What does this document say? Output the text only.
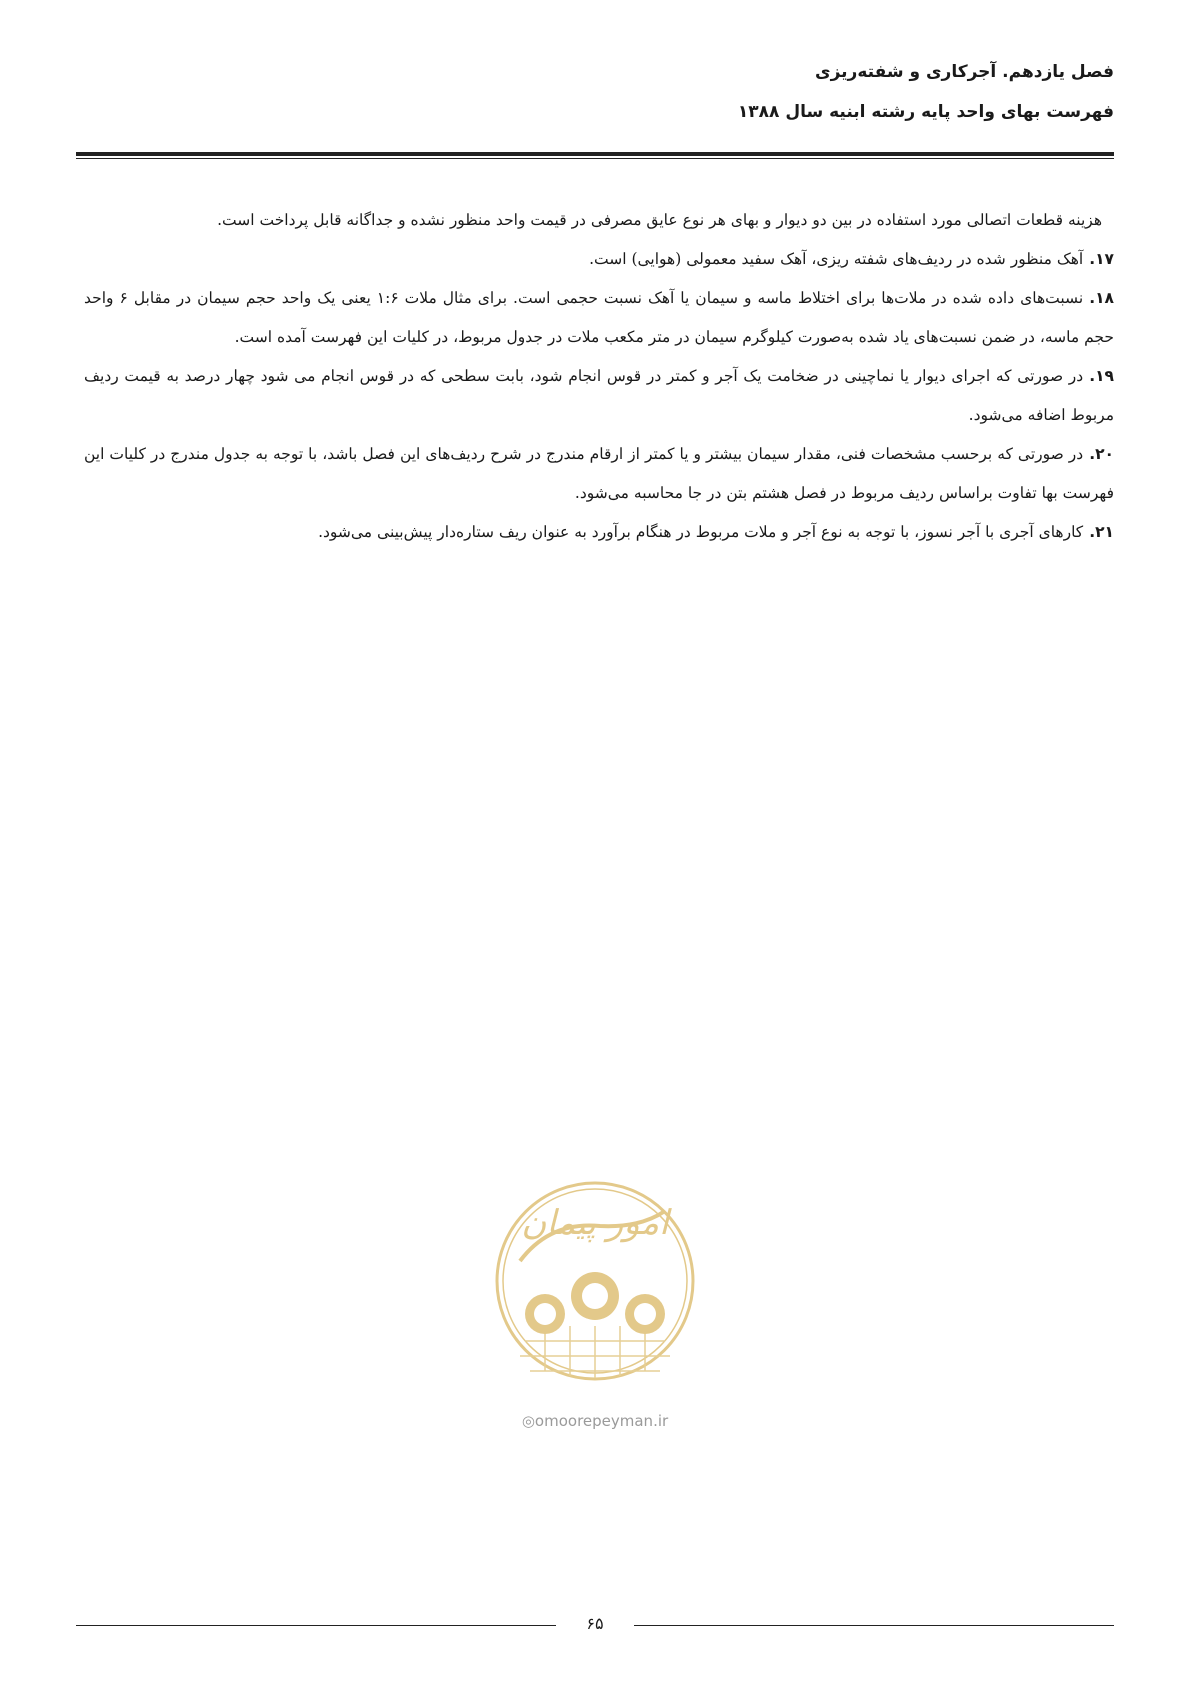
فصل یازدهم. آجرکاری و شفته‌ریزی
فهرست بهای واحد پایه رشته ابنیه سال ۱۳۸۸

هزینه قطعات اتصالی مورد استفاده در بین دو دیوار و بهای هر نوع عایق مصرفی در قیمت واحد منظور نشده و جداگانه قابل پرداخت است.

۱۷.آهک منظور شده در ردیف‌های شفته ریزی، آهک سفید معمولی (هوایی) است.

۱۸.نسبت‌های داده شده در ملات‌ها برای اختلاط ماسه و سیمان یا آهک نسبت حجمی است. برای مثال ملات ۱:۶ یعنی یک واحد حجم سیمان در مقابل ۶ واحد حجم ماسه، در ضمن نسبت‌های یاد شده به‌صورت کیلوگرم سیمان در متر مکعب ملات در جدول مربوط، در کلیات این فهرست آمده است.

۱۹.در صورتی که اجرای دیوار یا نماچینی در ضخامت یک آجر و کمتر در قوس انجام شود، بابت سطحی که در قوس انجام می شود چهار درصد به قیمت ردیف مربوط اضافه می‌شود.

۲۰.در صورتی که برحسب مشخصات فنی، مقدار سیمان بیشتر و یا کمتر از ارقام مندرج در شرح ردیف‌های این فصل باشد، با توجه به جدول مندرج در کلیات این فهرست بها تفاوت براساس ردیف مربوط در فصل هشتم بتن در جا محاسبه می‌شود.

۲۱.کارهای آجری با آجر نسوز، با توجه به نوع آجر و ملات مربوط در هنگام برآورد به عنوان ریف ستاره‌دار پیش‌بینی می‌شود.

امور پیمان
◎omoorepeyman.ir
۶۵
